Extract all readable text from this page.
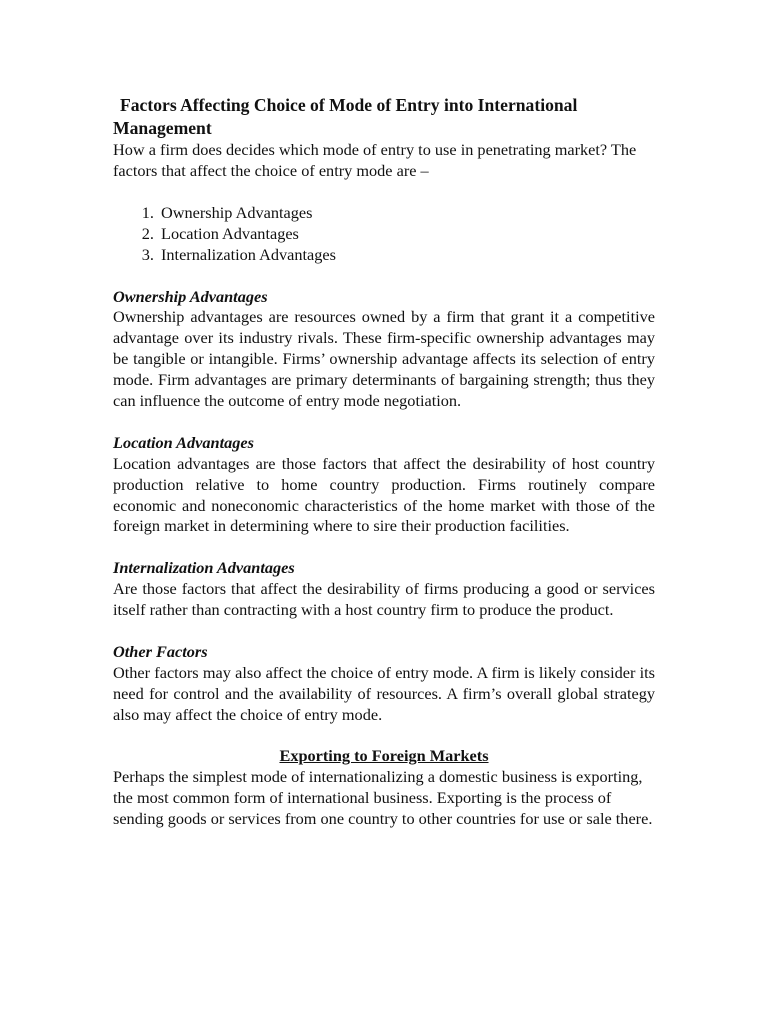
Factors Affecting Choice of Mode of Entry into International Management

How a firm does decides which mode of entry to use in penetrating market? The factors that affect the choice of entry mode are –

1. Ownership Advantages
2. Location Advantages
3. Internalization Advantages
Ownership Advantages

Ownership advantages are resources owned by a firm that grant it a competitive advantage over its industry rivals. These firm-specific ownership advantages may be tangible or intangible. Firms’ ownership advantage affects its selection of entry mode. Firm advantages are primary determinants of bargaining strength; thus they can influence the outcome of entry mode negotiation.

Location Advantages

Location advantages are those factors that affect the desirability of host country production relative to home country production. Firms routinely compare economic and noneconomic characteristics of the home market with those of the foreign market in determining where to sire their production facilities.

Internalization Advantages

Are those factors that affect the desirability of firms producing a good or services itself rather than contracting with a host country firm to produce the product.

Other Factors

Other factors may also affect the choice of entry mode. A firm is likely consider its need for control and the availability of resources. A firm’s overall global strategy also may affect the choice of entry mode.

Exporting to Foreign Markets

Perhaps the simplest mode of internationalizing a domestic business is exporting, the most common form of international business. Exporting is the process of sending goods or services from one country to other countries for use or sale there.
